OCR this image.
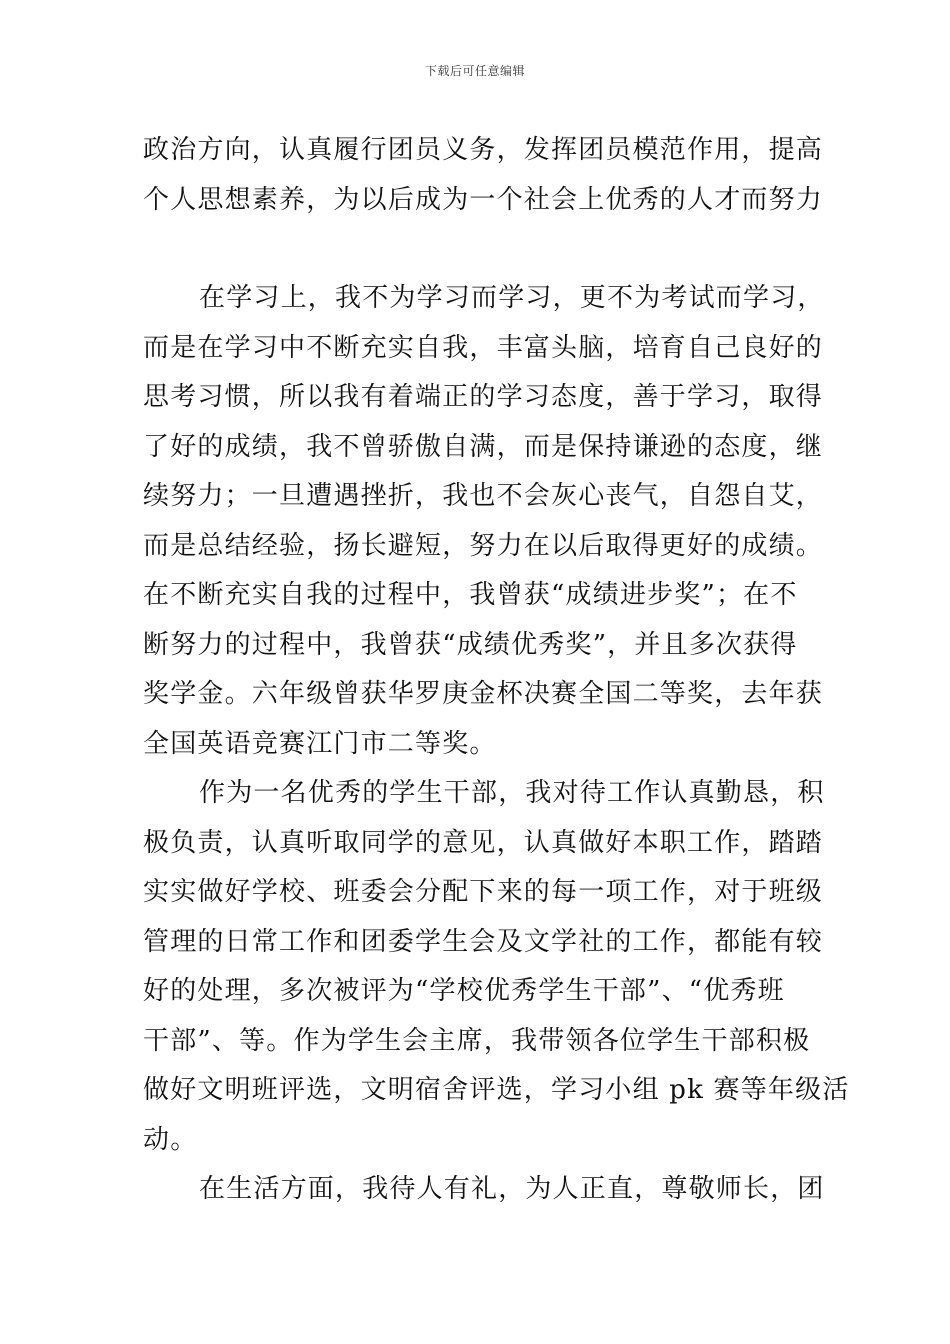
下载后可任意编辑
政治方向，认真履行团员义务，发挥团员模范作用，提高
个人思想素养，为以后成为一个社会上优秀的人才而努力
在学习上，我不为学习而学习，更不为考试而学习，
而是在学习中不断充实自我，丰富头脑，培育自己良好的
思考习惯，所以我有着端正的学习态度，善于学习，取得
了好的成绩，我不曾骄傲自满，而是保持谦逊的态度，继
续努力；一旦遭遇挫折，我也不会灰心丧气，自怨自艾，
而是总结经验，扬长避短，努力在以后取得更好的成绩。
在不断充实自我的过程中，我曾获“成绩进步奖”；在不
断努力的过程中，我曾获“成绩优秀奖”，并且多次获得
奖学金。六年级曾获华罗庚金杯决赛全国二等奖，去年获
全国英语竞赛江门市二等奖。
作为一名优秀的学生干部，我对待工作认真勤恳，积
极负责，认真听取同学的意见，认真做好本职工作，踏踏
实实做好学校、班委会分配下来的每一项工作，对于班级
管理的日常工作和团委学生会及文学社的工作，都能有较
好的处理，多次被评为“学校优秀学生干部”、“优秀班
干部”、等。作为学生会主席，我带领各位学生干部积极
做好文明班评选，文明宿舍评选，学习小组 pk 赛等年级活
动。
在生活方面，我待人有礼，为人正直，尊敬师长，团
